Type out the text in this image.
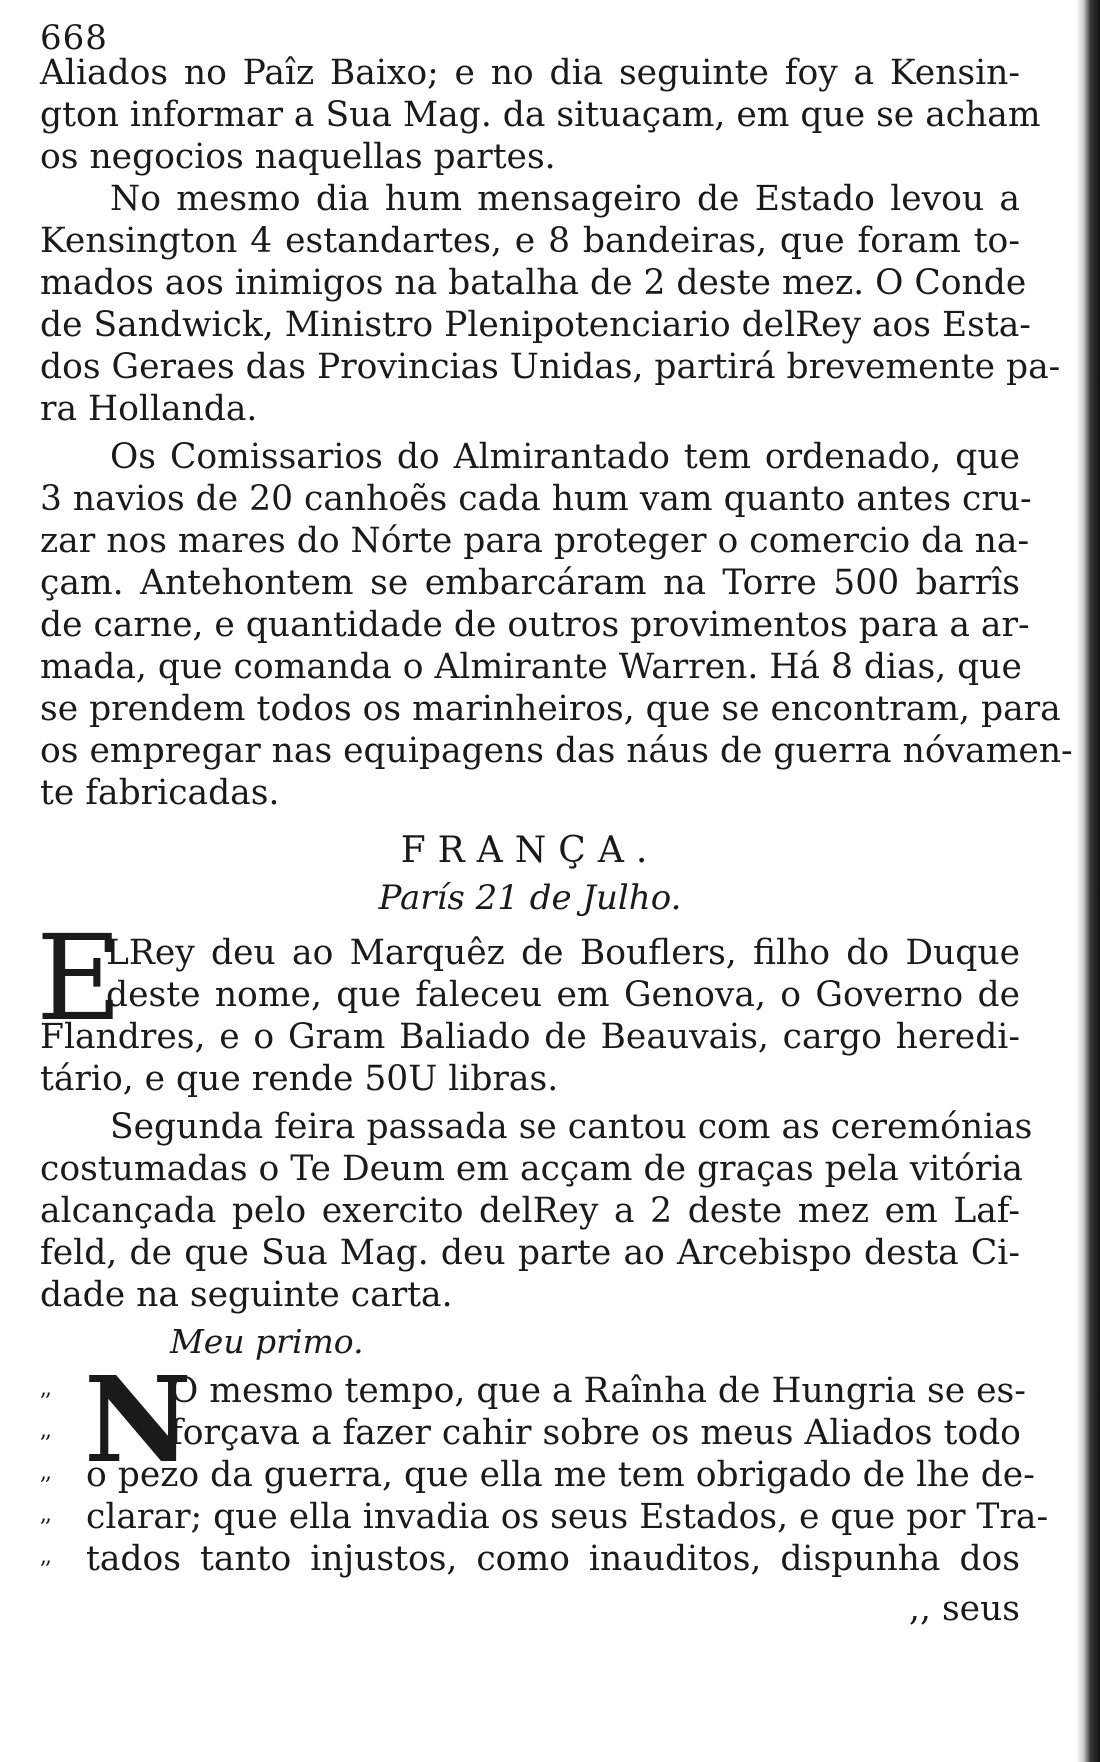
668
Aliados no Paîz Baixo; e no dia seguinte foy a Kensin-
gton informar a Sua Mag. da situaçam, em que se acham
os negocios naquellas partes.
No mesmo dia hum mensageiro de Estado levou a
Kensington 4 estandartes, e 8 bandeiras, que foram to-
mados aos inimigos na batalha de 2 deste mez. O Conde
de Sandwick, Ministro Plenipotenciario delRey aos Esta-
dos Geraes das Provincias Unidas, partirá brevemente pa-
ra Hollanda.
Os Comissarios do Almirantado tem ordenado, que
3 navios de 20 canhoẽs cada hum vam quanto antes cru-
zar nos mares do Nórte para proteger o comercio da na-
çam. Antehontem se embarcáram na Torre 500 barrîs
de carne, e quantidade de outros provimentos para a ar-
mada, que comanda o Almirante Warren. Há 8 dias, que
se prendem todos os marinheiros, que se encontram, para
os empregar nas equipagens das náus de guerra nóvamen-
te fabricadas.
FRANÇA.
París 21 de Julho.
E
LRey deu ao Marquêz de Bouflers, filho do Duque
deste nome, que faleceu em Genova, o Governo de
Flandres, e o Gram Baliado de Beauvais, cargo heredi-
tário, e que rende 50U libras.
Segunda feira passada se cantou com as ceremónias
costumadas o Te Deum em acçam de graças pela vitória
alcançada pelo exercito delRey a 2 deste mez em Laf-
feld, de que Sua Mag. deu parte ao Arcebispo desta Ci-
dade na seguinte carta.
Meu primo.
,,
,,
,,
,,
,,
N
O mesmo tempo, que a Raînha de Hungria se es-
forçava a fazer cahir sobre os meus Aliados todo
o pezo da guerra, que ella me tem obrigado de lhe de-
clarar; que ella invadia os seus Estados, e que por Tra-
tados tanto injustos, como inauditos, dispunha dos
,, seus
